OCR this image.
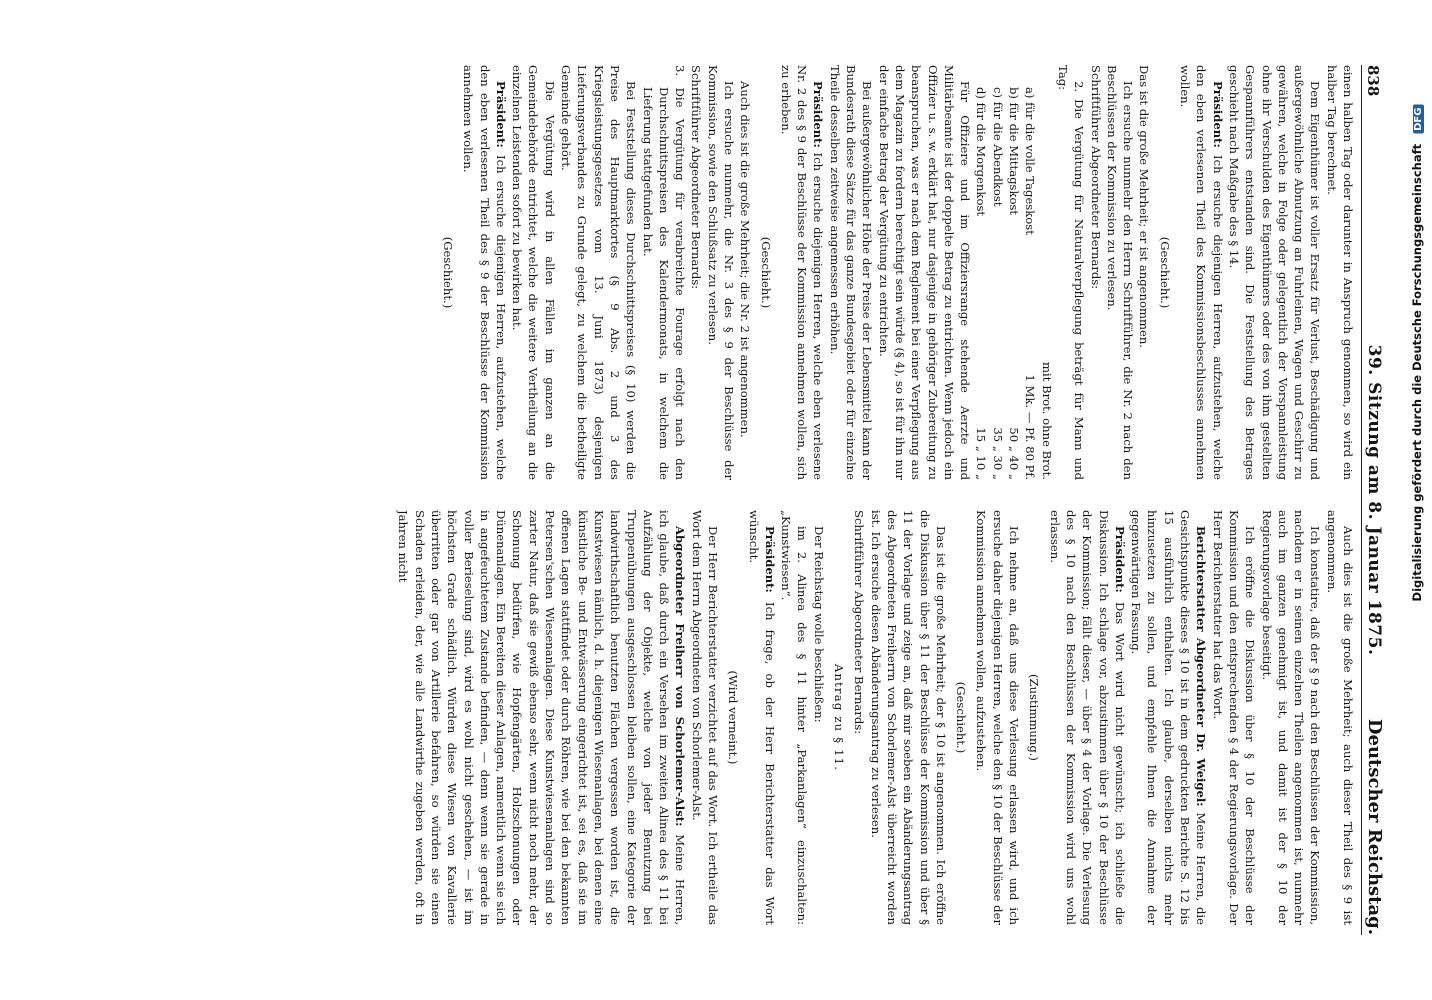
838
39. Sitzung am 8. Januar 1875.
Deutscher Reichstag.

einen halben Tag oder darunter in Anspruch genommen, so wird ein halber Tag berechnet.

Dem Eigenthümer ist voller Ersatz für Verlust, Beschädigung und außergewöhnliche Abnutzung an Fuhrleinen, Wagen und Geschirr zu gewähren, welche in Folge oder gelegentlich der Vorspannleistung ohne ihr Verschulden des Eigenthümers oder des von ihm gestellten Gespannführers entstanden sind. Die Feststellung des Betrages geschieht nach Maßgabe des § 14.

Präsident: Ich ersuche diejenigen Herren, aufzustehen, welche den eben verlesenen Theil des Kommissionsbeschlusses annehmen wollen.

(Geschieht.)

Das ist die große Mehrheit; er ist angenommen.

Ich ersuche nunmehr den Herrn Schriftführer, die Nr. 2 nach den Beschlüssen der Kommission zu verlesen.

Schriftführer Abgeordneter Bernards:

2. Die Vergütung für Naturalverpflegung beträgt für Mann und Tag:

mit Brot. ohne Brot.

a) für die volle Tageskost
1 Mk. — Pf. 80 Pf.
b) für die Mittagskost
50 „ 40 „
c) für die Abendkost
35 „ 30 „
d) für die Morgenkost
15 „ 10 „

Für Offiziere und im Offiziersrange stehende Aerzte und Militärbeamte ist der doppelte Betrag zu entrichten. Wenn jedoch ein Offizier u. s. w. erklärt hat, nur dasjenige in gehöriger Zubereitung zu beanspruchen, was er nach dem Reglement bei einer Verpflegung aus dem Magazin zu fordern berechtigt sein würde (§ 4), so ist für ihn nur der einfache Betrag der Vergütung zu entrichten.

Bei außergewöhnlicher Höhe der Preise der Lebensmittel kann der Bundesrath diese Sätze für das ganze Bundesgebiet oder für einzelne Theile desselben zeitweise angemessen erhöhen.

Präsident: Ich ersuche diejenigen Herren, welche eben verlesene Nr. 2 des § 9 der Beschlüsse der Kommission annehmen wollen, sich zu erheben.

(Geschieht.)

Auch dies ist die große Mehrheit; die Nr. 2 ist angenommen.

Ich ersuche nunmehr, die Nr. 3 des § 9 der Beschlüsse der Kommission, sowie den Schlußsatz zu verlesen.

Schriftführer Abgeordneter Bernards:

3. Die Vergütung für verabreichte Fourage erfolgt nach den Durchschnittspreisen des Kalendermonats, in welchem die Lieferung stattgefunden hat.

Bei Feststellung dieses Durchschnittspreises (§ 10) werden die Preise des Hauptmarktortes (§ 9 Abs. 2 und 3 des Kriegsleistungsgesetzes vom 13. Juni 1873) desjenigen Lieferungsverbandes zu Grunde gelegt, zu welchem die betheiligte Gemeinde gehört.

Die Vergütung wird in allen Fällen im ganzen an die Gemeindebehörde entrichtet, welche die weitere Vertheilung an die einzelnen Leistenden sofort zu bewirken hat.

Präsident: Ich ersuche diejenigen Herren, aufzustehen, welche den eben verlesenen Theil des § 9 der Beschlüsse der Kommission annehmen wollen.

(Geschieht.)

Auch dies ist die große Mehrheit; auch dieser Theil des § 9 ist angenommen.

Ich konstatire, daß der § 9 nach den Beschlüssen der Kommission, nachdem er in seinen einzelnen Theilen angenommen ist, nunmehr auch im ganzen genehmigt ist, und damit ist der § 10 der Regierungsvorlage beseitigt.

Ich eröffne die Diskussion über § 10 der Beschlüsse der Kommission und den entsprechenden § 4 der Regierungsvorlage. Der Herr Berichterstatter hat das Wort.

Berichterstatter Abgeordneter Dr. Weigel: Meine Herren, die Gesichtspunkte dieses § 10 ist in dem gedruckten Berichte S. 12 bis 15 ausführlich enthalten. Ich glaube, derselben nichts mehr hinzusetzen zu sollen, und empfehle Ihnen die Annahme der gegenwärtigen Fassung.

Präsident: Das Wort wird nicht gewünscht; ich schließe die Diskussion. Ich schlage vor, abzustimmen über § 10 der Beschlüsse der Kommission; fällt dieser, — über § 4 der Vorlage. Die Verlesung des § 10 nach den Beschlüssen der Kommission wird uns wohl erlassen.

(Zustimmung.)

Ich nehme an, daß uns diese Verlesung erlassen wird, und ich ersuche daher diejenigen Herren, welche den § 10 der Beschlüsse der Kommission annehmen wollen, aufzustehen.

(Geschieht.)

Das ist die große Mehrheit; der § 10 ist angenommen. Ich eröffne die Diskussion über § 11 der Beschlüsse der Kommission und über § 11 der Vorlage und zeige an, daß mir soeben ein Abänderungsantrag des Abgeordneten Freiherrn von Schorlemer-Alst überreicht worden ist. Ich ersuche diesen Abänderungsantrag zu verlesen.

Schriftführer Abgeordneter Bernards:

Antrag zu § 11.

Der Reichstag wolle beschließen:

im 2. Alinea des § 11 hinter „Parkanlagen“ einzuschalten: „Kunstwiesen“.

Präsident: Ich frage, ob der Herr Berichterstatter das Wort wünscht.

(Wird verneint.)

Der Herr Berichterstatter verzichtet auf das Wort. Ich ertheile das Wort dem Herrn Abgeordneten von Schorlemer-Alst.

Abgeordneter Freiherr von Schorlemer-Alst: Meine Herren, ich glaube, daß durch ein Versehen im zweiten Alinea des § 11 bei Aufzählung der Objekte, welche von jeder Benutzung bei Truppenübungen ausgeschlossen bleiben sollen, eine Kategorie der landwirthschaftlich benutzten Flächen vergessen worden ist, die Kunstwiesen nämlich, d. h. diejenigen Wiesenanlagen, bei denen eine künstliche Be- und Entwässerung eingerichtet ist, sei es, daß sie im offenen Lagen stattfindet oder durch Röhren, wie bei den bekannten Petersen'schen Wiesenanlagen. Diese Kunstwiesenanlagen sind so zarter Natur, daß sie gewiß ebenso sehr, wenn nicht noch mehr, der Schonung bedürfen, wie Hopfengärten, Holzschonungen oder Dünenanlagen. Ein Bereiten dieser Anlagen, namentlich wenn sie sich in angefeuchtetem Zustande befinden, — denn wenn sie gerade in voller Berieselung sind, wird es wohl nicht geschehen, — ist im höchsten Grade schädlich. Würden diese Wiesen von Kavallerie überritten oder gar von Artillerie befahren, so würden sie einen Schaden erleiden, der, wie alle Landwirthe zugeben werden, oft in Jahren nicht	Digitalisierung gefördert durch die Deutsche Forschungsgemeinschaft DFG
